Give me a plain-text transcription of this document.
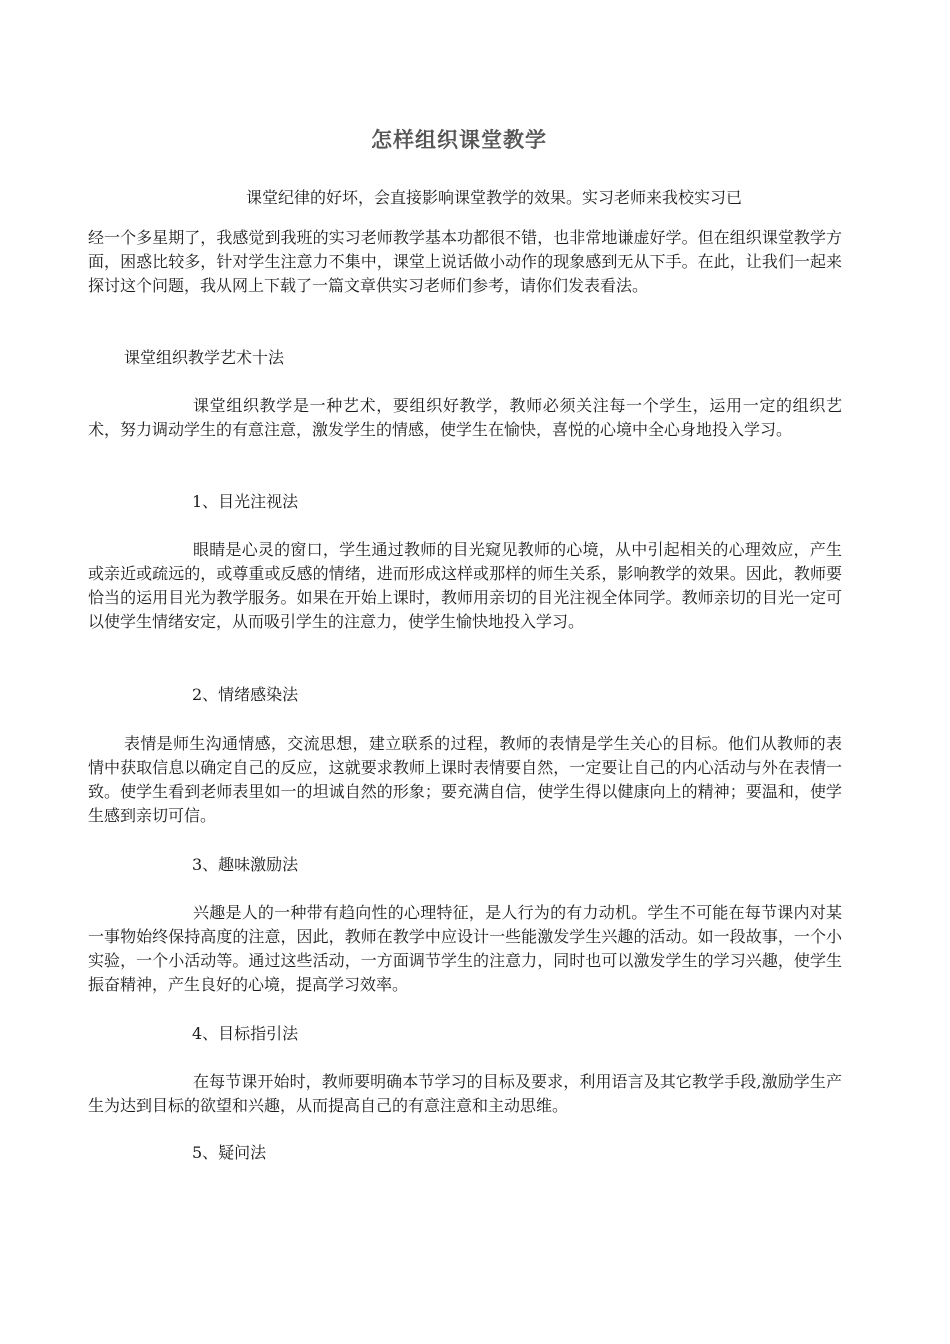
怎样组织课堂教学

课堂纪律的好坏，会直接影响课堂教学的效果。实习老师来我校实习已

经一个多星期了，我感觉到我班的实习老师教学基本功都很不错，也非常地谦虚好学。但在组织课堂教学方面，困惑比较多，针对学生注意力不集中，课堂上说话做小动作的现象感到无从下手。在此，让我们一起来探讨这个问题，我从网上下载了一篇文章供实习老师们参考，请你们发表看法。

课堂组织教学艺术十法

课堂组织教学是一种艺术，要组织好教学，教师必须关注每一个学生，运用一定的组织艺术，努力调动学生的有意注意，激发学生的情感，使学生在愉快，喜悦的心境中全心身地投入学习。

1、目光注视法

眼睛是心灵的窗口，学生通过教师的目光窥见教师的心境，从中引起相关的心理效应，产生或亲近或疏远的，或尊重或反感的情绪，进而形成这样或那样的师生关系，影响教学的效果。因此，教师要恰当的运用目光为教学服务。如果在开始上课时，教师用亲切的目光注视全体同学。教师亲切的目光一定可以使学生情绪安定，从而吸引学生的注意力，使学生愉快地投入学习。

2、情绪感染法

表情是师生沟通情感，交流思想，建立联系的过程，教师的表情是学生关心的目标。他们从教师的表情中获取信息以确定自己的反应，这就要求教师上课时表情要自然，一定要让自己的内心活动与外在表情一致。使学生看到老师表里如一的坦诚自然的形象；要充满自信，使学生得以健康向上的精神；要温和，使学生感到亲切可信。

3、趣味激励法

兴趣是人的一种带有趋向性的心理特征，是人行为的有力动机。学生不可能在每节课内对某一事物始终保持高度的注意，因此，教师在教学中应设计一些能激发学生兴趣的活动。如一段故事，一个小实验，一个小活动等。通过这些活动，一方面调节学生的注意力，同时也可以激发学生的学习兴趣，使学生振奋精神，产生良好的心境，提高学习效率。

4、目标指引法

在每节课开始时，教师要明确本节学习的目标及要求，利用语言及其它教学手段,激励学生产生为达到目标的欲望和兴趣，从而提高自己的有意注意和主动思维。

5、疑问法
